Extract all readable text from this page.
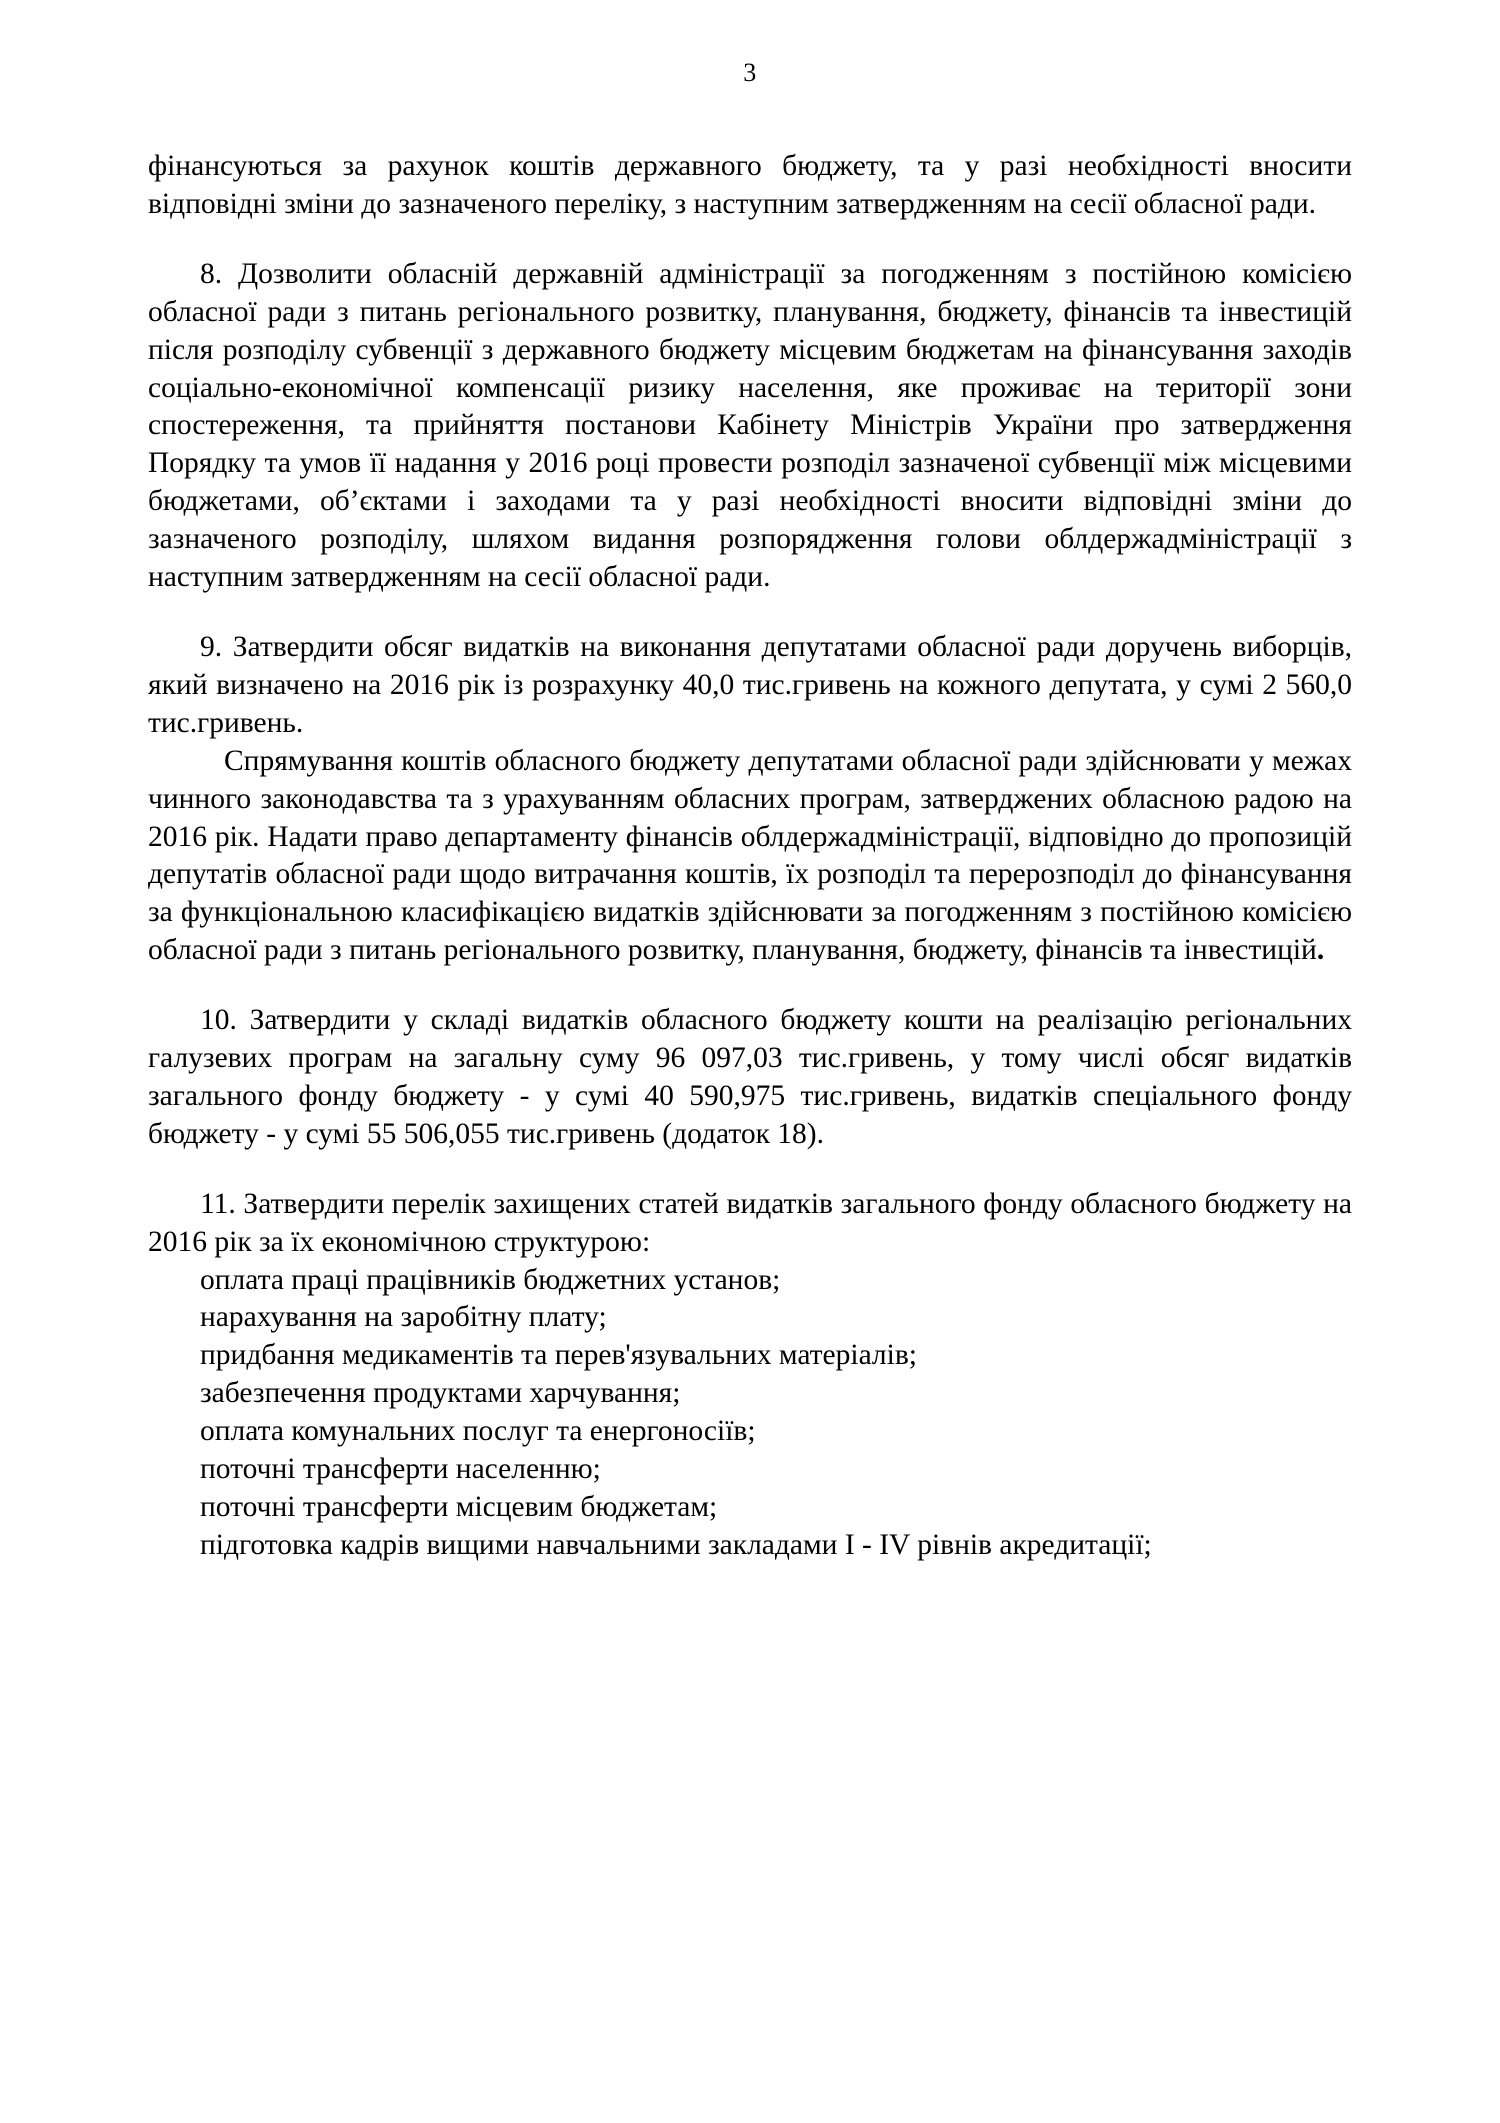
3

фінансуються за рахунок коштів державного бюджету, та у разі необхідності вносити відповідні зміни до зазначеного переліку, з наступним затвердженням на сесії обласної ради.

8. Дозволити обласній державній адміністрації за погодженням з постійною комісією обласної ради з питань регіонального розвитку, планування, бюджету, фінансів та інвестицій після розподілу субвенції з державного бюджету місцевим бюджетам на фінансування заходів соціально-економічної компенсації ризику населення, яке проживає на території зони спостереження, та прийняття постанови Кабінету Міністрів України про затвердження Порядку та умов її надання у 2016 році провести розподіл зазначеної субвенції між місцевими бюджетами, об’єктами і заходами та у разі необхідності вносити відповідні зміни до зазначеного розподілу, шляхом видання розпорядження голови облдержадміністрації з наступним затвердженням на сесії обласної ради.

9. Затвердити обсяг видатків на виконання депутатами обласної ради доручень виборців, який визначено на 2016 рік із розрахунку 40,0 тис.гривень на кожного депутата, у сумі 2 560,0 тис.гривень.

Спрямування коштів обласного бюджету депутатами обласної ради здійснювати у межах чинного законодавства та з урахуванням обласних програм, затверджених обласною радою на 2016 рік. Надати право департаменту фінансів облдержадміністрації, відповідно до пропозицій депутатів обласної ради щодо витрачання коштів, їх розподіл та перерозподіл до фінансування за функціональною класифікацією видатків здійснювати за погодженням з постійною комісією обласної ради з питань регіонального розвитку, планування, бюджету, фінансів та інвестицій.

10. Затвердити у складі видатків обласного бюджету кошти на реалізацію регіональних галузевих програм на загальну суму 96 097,03 тис.гривень, у тому числі обсяг видатків загального фонду бюджету - у сумі 40 590,975 тис.гривень, видатків спеціального фонду бюджету - у сумі 55 506,055 тис.гривень (додаток 18).

11. Затвердити перелік захищених статей видатків загального фонду обласного бюджету на 2016 рік за їх економічною структурою:

оплата праці працівників бюджетних установ;

нарахування на заробітну плату;

придбання медикаментів та перев'язувальних матеріалів;

забезпечення продуктами харчування;

оплата комунальних послуг та енергоносіїв;

поточні трансферти населенню;

поточні трансферти місцевим бюджетам;

підготовка кадрів вищими навчальними закладами I - IV рівнів акредитації;
